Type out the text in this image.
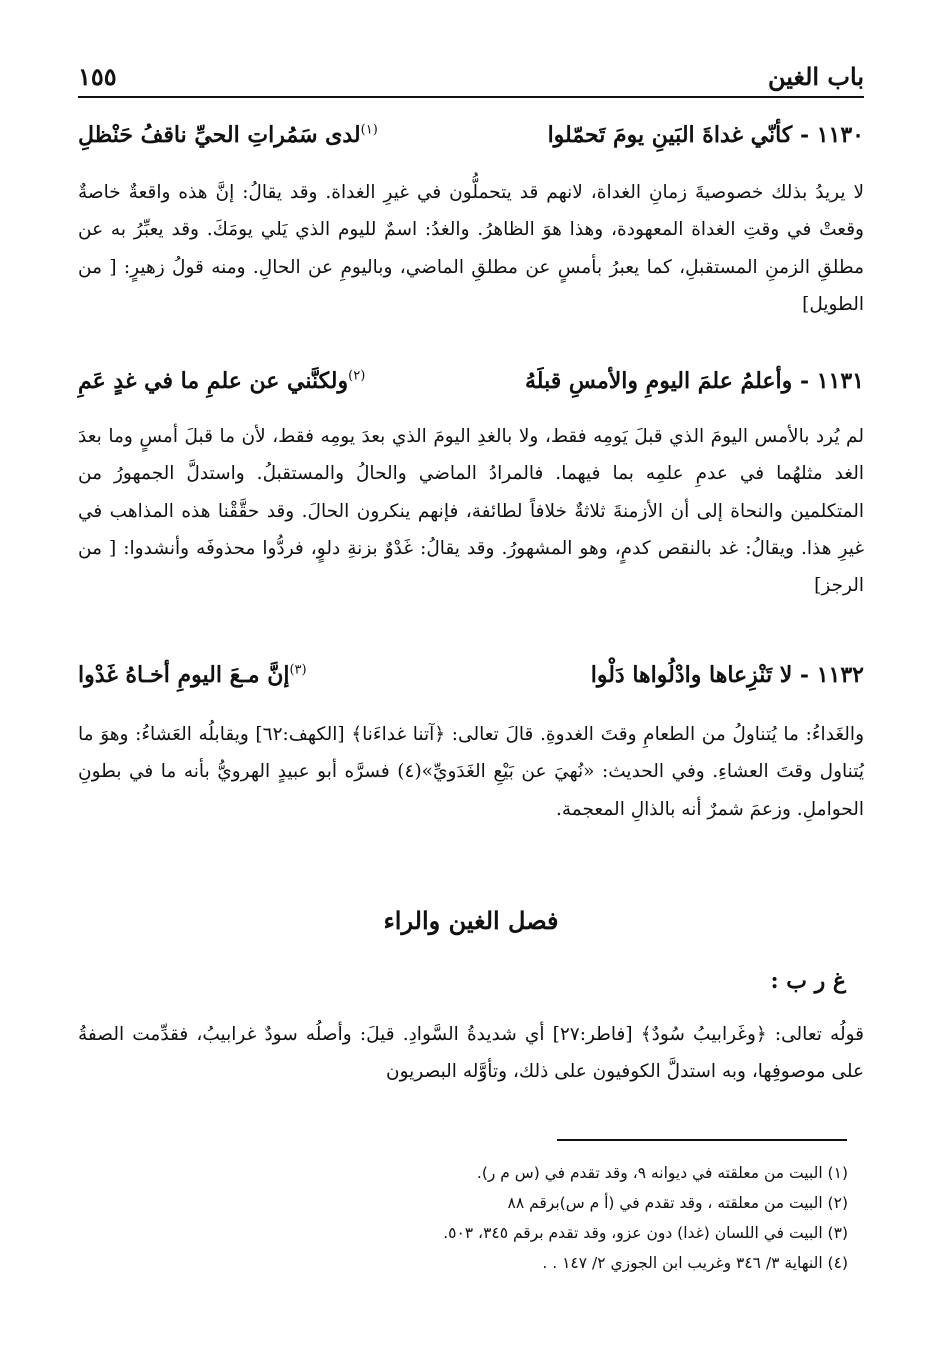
١٥٥	باب الغين
١١٣٠ - كأنّي غداةَ البَينِ يومَ تَحمّلوا
$^{(١)}$لدى سَمُراتِ الحيِّ ناقفُ حَنْظلِ
لا يريدُ بذلك خصوصيةَ زمانِ الغداة، لانهم قد يتحملُّون في غيرِ الغداة. وقد يقالُ: إنَّ هذه واقعةٌ خاصةٌ وقعتْ في وقتِ الغداة المعهودة، وهذا هوَ الظاهرُ. والغدُ: اسمٌ لليوم الذي يَلي يومَكَ. وقد يعبِّرُ به عن مطلقِ الزمنِ المستقبلِ، كما يعبرُ بأمسٍ عن مطلقِ الماضي، وباليومِ عن الحالِ. ومنه قولُ زهيرٍ: [ من الطويل]
١١٣١ - وأعلمُ علمَ اليومِ والأمسِ قبلَهُ
$^{(٢)}$ولكنَّني عن علمِ ما في غدٍ عَمِ
لم يُرد بالأمس اليومَ الذي قبلَ يَومِه فقط، ولا بالغدِ اليومَ الذي بعدَ يومِه فقط، لأن ما قبلَ أمسٍ وما بعدَ الغد مثلهُما في عدمِ علمِه بما فيهما. فالمرادُ الماضي والحالُ والمستقبلُ. واستدلَّ الجمهورُ من المتكلمين والنحاة إلى أن الأزمنةَ ثلاثةٌ خلافاً لطائفة، فإنهم ينكرون الحالَ. وقد حقَّقْنا هذه المذاهب في غيرِ هذا. ويقالُ: غد بالنقص كدمٍ، وهو المشهورُ. وقد يقالُ: غَدْوٌ بزنةِ دلوٍ، فردُّوا محذوفَه وأنشدوا: [ من الرجز]
١١٣٢ - لا تَنْزِعاها وادْلُواها دَلْوا
$^{(٣)}$إنَّ مـعَ اليومِ أخـاهُ غَدْوا
والغَداءُ: ما يُتناولُ من الطعامِ وقتَ الغدوةِ. قالَ تعالى: ﴿آتنا غداءَنا﴾ [الكهف:٦٢] ويقابلُه العَشاءُ: وهوَ ما يُتناول وقتَ العشاءِ. وفي الحديث: «نُهيَ عن بَيْعِ الغَدَويِّ»(٤) فسرَّه أبو عبيدٍ الهرويُّ بأنه ما في بطونِ الحواملِ. وزعمَ شمرٌ أنه بالذالِ المعجمة.
فصل الغين والراء
غ ر ب :
قولُه تعالى: ﴿وغَرابيبُ سُودٌ﴾ [فاطر:٢٧] أي شديدةُ السَّوادِ. قيلَ: وأصلُه سودٌ غرابيبُ، فقدِّمت الصفةُ على موصوفِها، وبه استدلَّ الكوفيون على ذلك، وتأوَّله البصريون
(١) البيت من معلقته في ديوانه ٩، وقد تقدم في (س م ر).
(٢) البيت من معلقته ، وقد تقدم في (أ م س)برقم ٨٨
(٣) البيت في اللسان (غدا) دون عزو، وقد تقدم برقم ٣٤٥، ٥٠٣.
(٤) النهاية ٣/ ٣٤٦ وغريب ابن الجوزي ٢/ ١٤٧ . .
